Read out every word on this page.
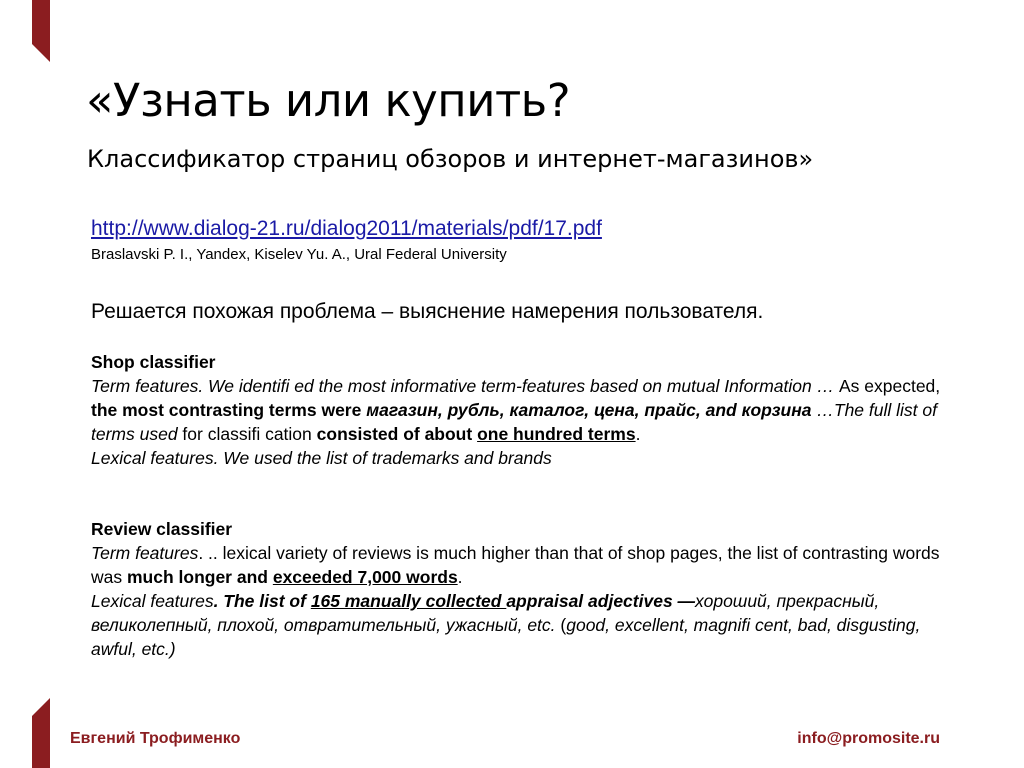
«Узнать или купить?
Классификатор страниц обзоров и интернет-магазинов»
http://www.dialog-21.ru/dialog2011/materials/pdf/17.pdf
Braslavski P. I., Yandex, Kiselev Yu. A., Ural Federal University
Решается похожая проблема – выяснение намерения пользователя.

Shop classifier

Term features. We identifi ed the most informative term-features based on mutual Information … As expected, the most contrasting terms were магазин, рубль, каталог, цена, прайс, and корзина …The full list of terms used for classifi cation consisted of about one hundred terms.

Lexical features. We used the list of trademarks and brands

Review classifier

Term features. .. lexical variety of reviews is much higher than that of shop pages, the list of contrasting words was much longer and exceeded 7,000 words.

Lexical features. The list of 165 manually collected appraisal adjectives —хороший, прекрасный, великолепный, плохой, отвратительный, ужасный, etc. (good, excellent, magnifi cent, bad, disgusting, awful, etc.)

Евгений Трофименко	info@promosite.ru
